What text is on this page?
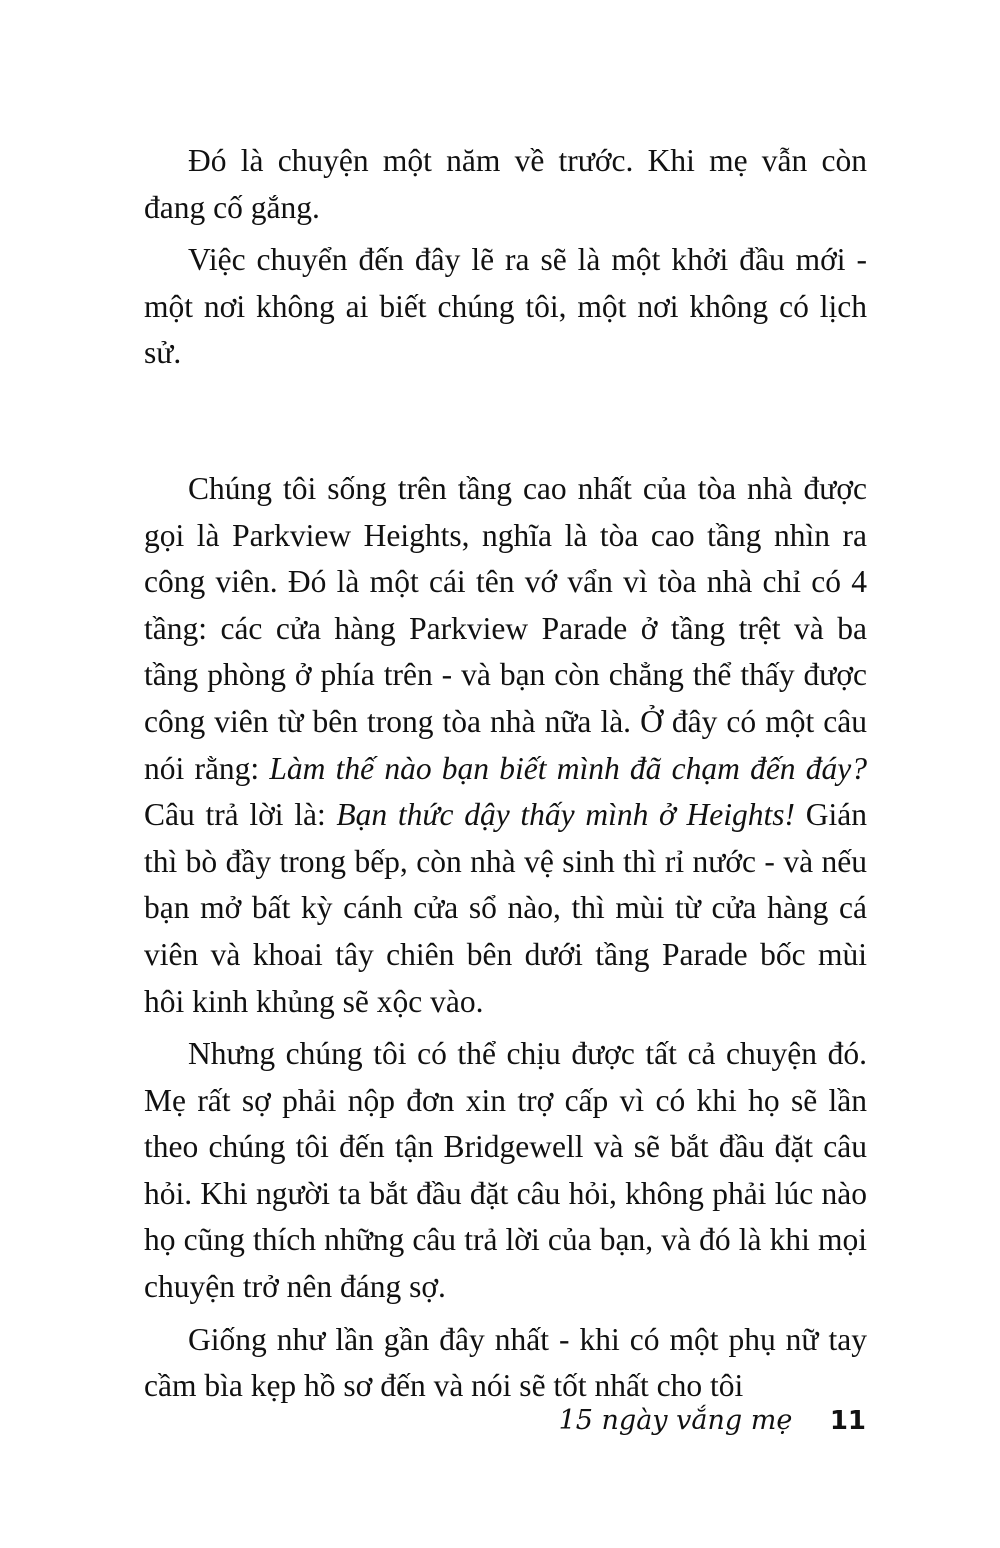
Đó là chuyện một năm về trước. Khi mẹ vẫn còn đang cố gắng.

Việc chuyển đến đây lẽ ra sẽ là một khởi đầu mới - một nơi không ai biết chúng tôi, một nơi không có lịch sử.

Chúng tôi sống trên tầng cao nhất của tòa nhà được gọi là Parkview Heights, nghĩa là tòa cao tầng nhìn ra công viên. Đó là một cái tên vớ vẩn vì tòa nhà chỉ có 4 tầng: các cửa hàng Parkview Parade ở tầng trệt và ba tầng phòng ở phía trên - và bạn còn chẳng thể thấy được công viên từ bên trong tòa nhà nữa là. Ở đây có một câu nói rằng: Làm thế nào bạn biết mình đã chạm đến đáy? Câu trả lời là: Bạn thức dậy thấy mình ở Heights! Gián thì bò đầy trong bếp, còn nhà vệ sinh thì rỉ nước - và nếu bạn mở bất kỳ cánh cửa sổ nào, thì mùi từ cửa hàng cá viên và khoai tây chiên bên dưới tầng Parade bốc mùi hôi kinh khủng sẽ xộc vào.

Nhưng chúng tôi có thể chịu được tất cả chuyện đó. Mẹ rất sợ phải nộp đơn xin trợ cấp vì có khi họ sẽ lần theo chúng tôi đến tận Bridgewell và sẽ bắt đầu đặt câu hỏi. Khi người ta bắt đầu đặt câu hỏi, không phải lúc nào họ cũng thích những câu trả lời của bạn, và đó là khi mọi chuyện trở nên đáng sợ.

Giống như lần gần đây nhất - khi có một phụ nữ tay cầm bìa kẹp hồ sơ đến và nói sẽ tốt nhất cho tôi

15 ngày vắng mẹ 11
